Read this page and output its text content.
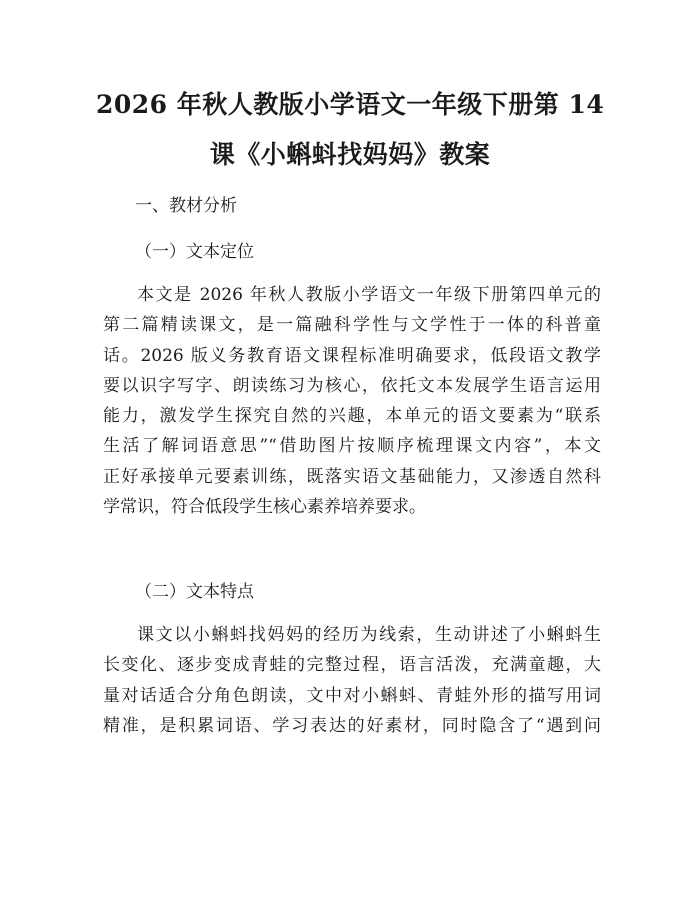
2026 年秋人教版小学语文一年级下册第 14
课《小蝌蚪找妈妈》教案
一、教材分析
（一）文本定位
本文是 2026 年秋人教版小学语文一年级下册第四单元的
第二篇精读课文，是一篇融科学性与文学性于一体的科普童
话。2026 版义务教育语文课程标准明确要求，低段语文教学
要以识字写字、朗读练习为核心，依托文本发展学生语言运用
能力，激发学生探究自然的兴趣，本单元的语文要素为“联系
生活了解词语意思”“借助图片按顺序梳理课文内容”，本文
正好承接单元要素训练，既落实语文基础能力，又渗透自然科
学常识，符合低段学生核心素养培养要求。
（二）文本特点
课文以小蝌蚪找妈妈的经历为线索，生动讲述了小蝌蚪生
长变化、逐步变成青蛙的完整过程，语言活泼，充满童趣，大
量对话适合分角色朗读，文中对小蝌蚪、青蛙外形的描写用词
精准，是积累词语、学习表达的好素材，同时隐含了“遇到问
